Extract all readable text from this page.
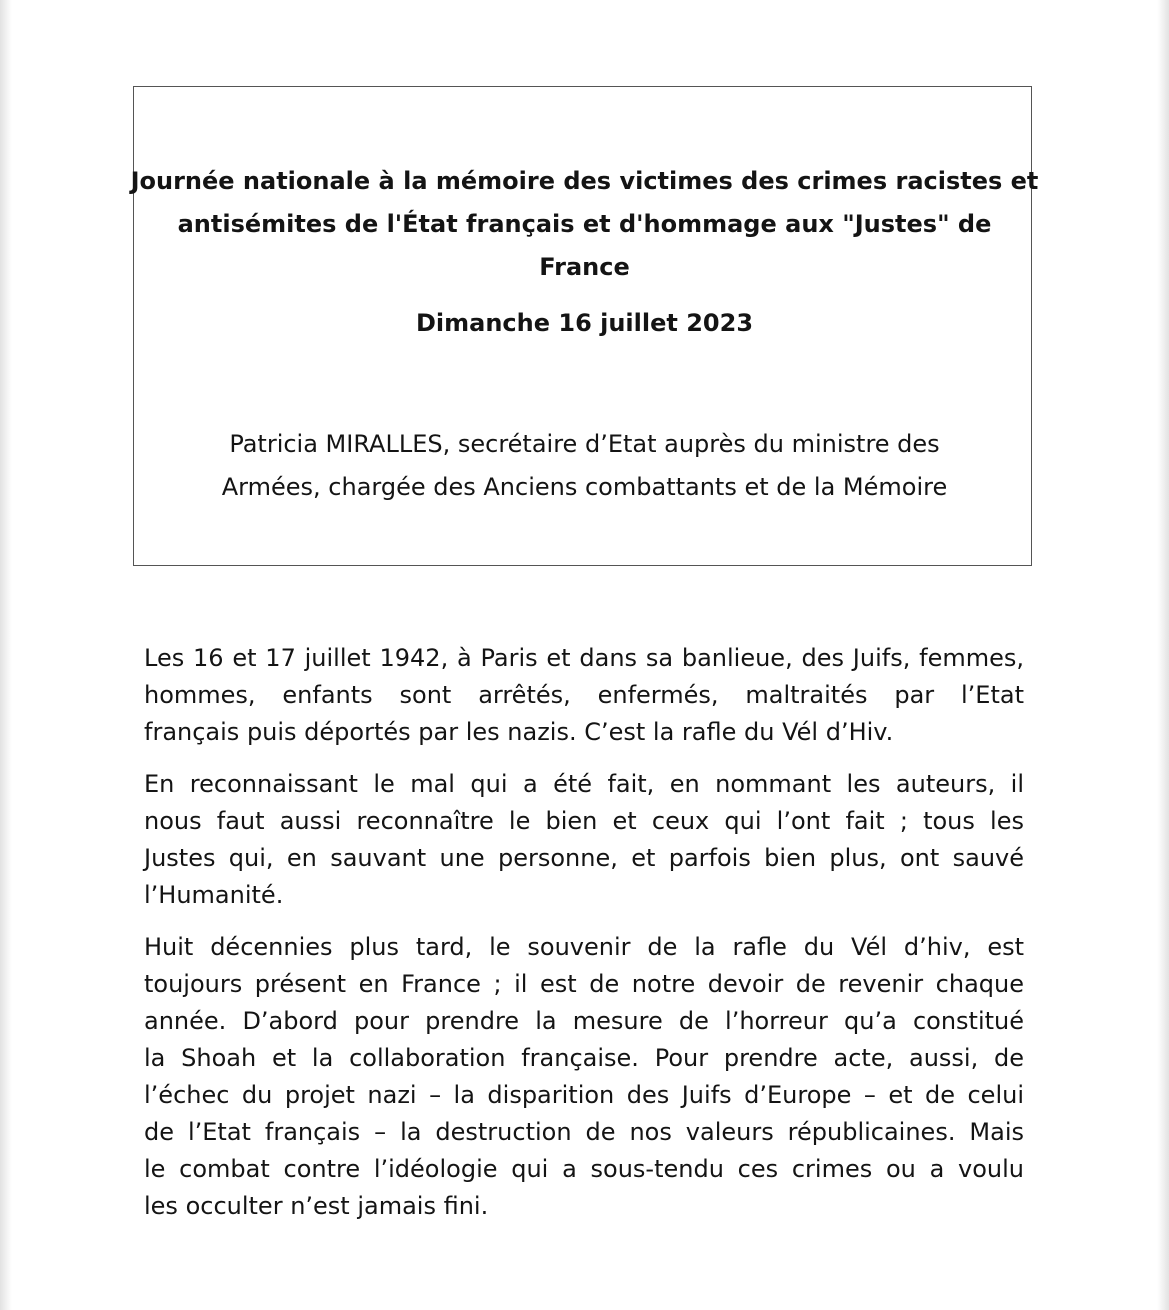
Journée nationale à la mémoire des victimes des crimes racistes et
antisémites de l'État français et d'hommage aux "Justes" de
France
Dimanche 16 juillet 2023
Patricia MIRALLES, secrétaire d’Etat auprès du ministre des
Armées, chargée des Anciens combattants et de la Mémoire
Les 16 et 17 juillet 1942, à Paris et dans sa banlieue, des Juifs, femmes,
hommes, enfants sont arrêtés, enfermés, maltraités par l’Etat
français puis déportés par les nazis. C’est la rafle du Vél d’Hiv.
En reconnaissant le mal qui a été fait, en nommant les auteurs, il
nous faut aussi reconnaître le bien et ceux qui l’ont fait ; tous les
Justes qui, en sauvant une personne, et parfois bien plus, ont sauvé
l’Humanité.
Huit décennies plus tard, le souvenir de la rafle du Vél d’hiv, est
toujours présent en France ; il est de notre devoir de revenir chaque
année. D’abord pour prendre la mesure de l’horreur qu’a constitué
la Shoah et la collaboration française. Pour prendre acte, aussi, de
l’échec du projet nazi – la disparition des Juifs d’Europe – et de celui
de l’Etat français – la destruction de nos valeurs républicaines. Mais
le combat contre l’idéologie qui a sous-tendu ces crimes ou a voulu
les occulter n’est jamais fini.
